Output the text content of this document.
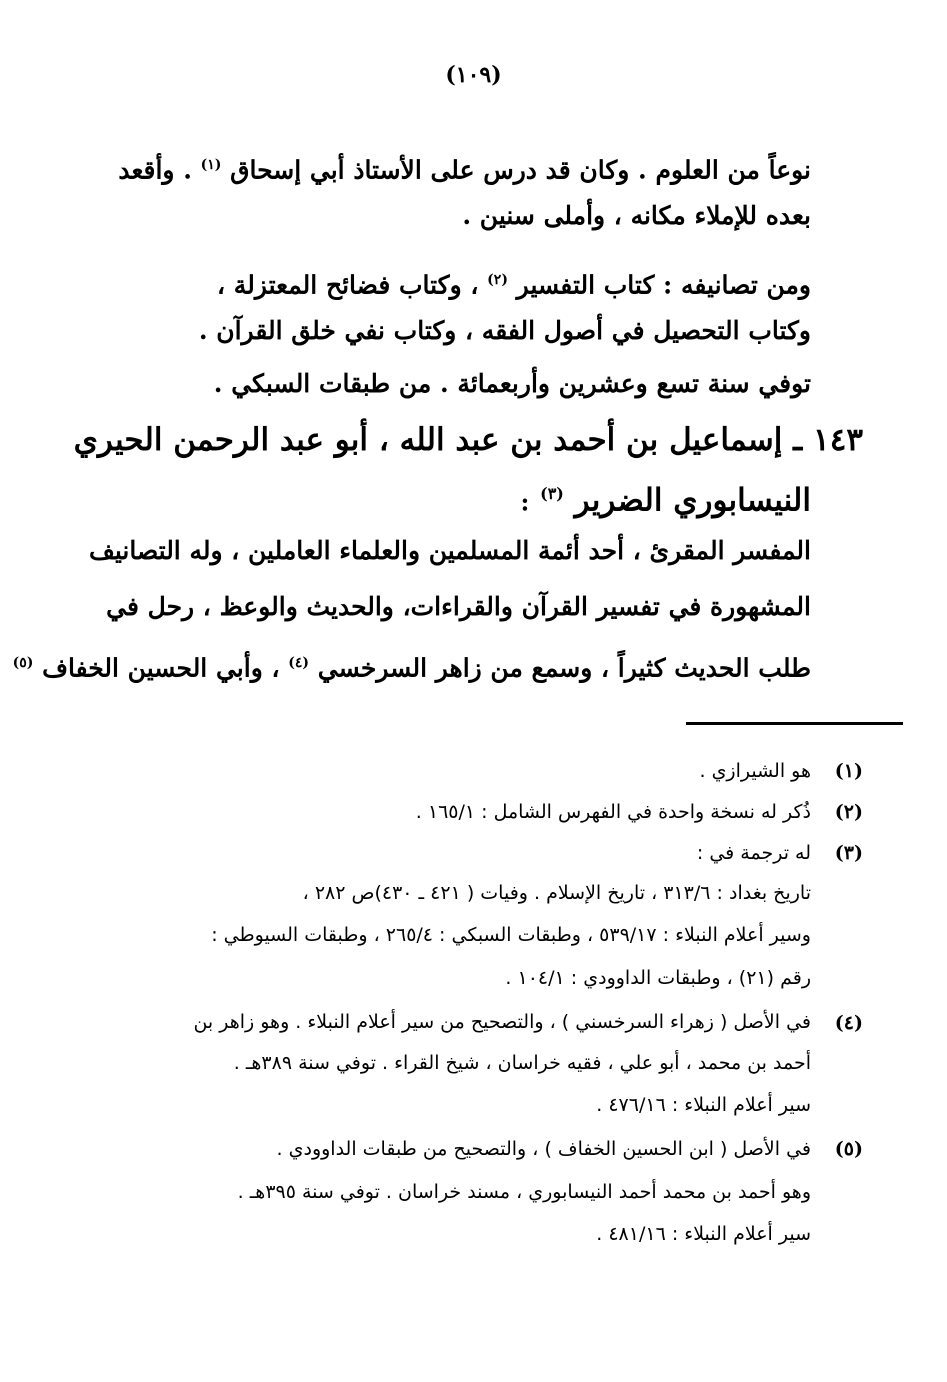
(١٠٩)
نوعاً من العلوم . وكان قد درس على الأستاذ أبي إسحاق $^{(١)}$ . وأقعد
بعده للإملاء مكانه ، وأملى سنين .
ومن تصانيفه : كتاب التفسير $^{(٢)}$ ، وكتاب فضائح المعتزلة ،
وكتاب التحصيل في أصول الفقه ، وكتاب نفي خلق القرآن .
توفي سنة تسع وعشرين وأربعمائة . من طبقات السبكي .
١٤٣ ـ إسماعيل بن أحمد بن عبد الله ، أبو عبد الرحمن الحيري
النيسابوري الضرير $^{(٣)}$ :
المفسر المقرئ ، أحد أئمة المسلمين والعلماء العاملين ، وله التصانيف
المشهورة في تفسير القرآن والقراءات، والحديث والوعظ ، رحل في
طلب الحديث كثيراً ، وسمع من زاهر السرخسي $^{(٤)}$ ، وأبي الحسين الخفاف $^{(٥)}$
(١)
هو الشيرازي .
(٢)
ذُكر له نسخة واحدة في الفهرس الشامل : ١٦٥/١ .
(٣)
له ترجمة في :
تاريخ بغداد : ٣١٣/٦ ، تاريخ الإسلام . وفيات ( ٤٢١ ـ ٤٣٠)ص ٢٨٢ ،
وسير أعلام النبلاء : ٥٣٩/١٧ ، وطبقات السبكي : ٢٦٥/٤ ، وطبقات السيوطي :
رقم (٢١) ، وطبقات الداوودي : ١٠٤/١ .
(٤)
في الأصل ( زهراء السرخسني ) ، والتصحيح من سير أعلام النبلاء . وهو زاهر بن
أحمد بن محمد ، أبو علي ، فقيه خراسان ، شيخ القراء . توفي سنة ٣٨٩هـ .
سير أعلام النبلاء : ٤٧٦/١٦ .
(٥)
في الأصل ( ابن الحسين الخفاف ) ، والتصحيح من طبقات الداوودي .
وهو أحمد بن محمد أحمد النيسابوري ، مسند خراسان . توفي سنة ٣٩٥هـ .
سير أعلام النبلاء : ٤٨١/١٦ .
